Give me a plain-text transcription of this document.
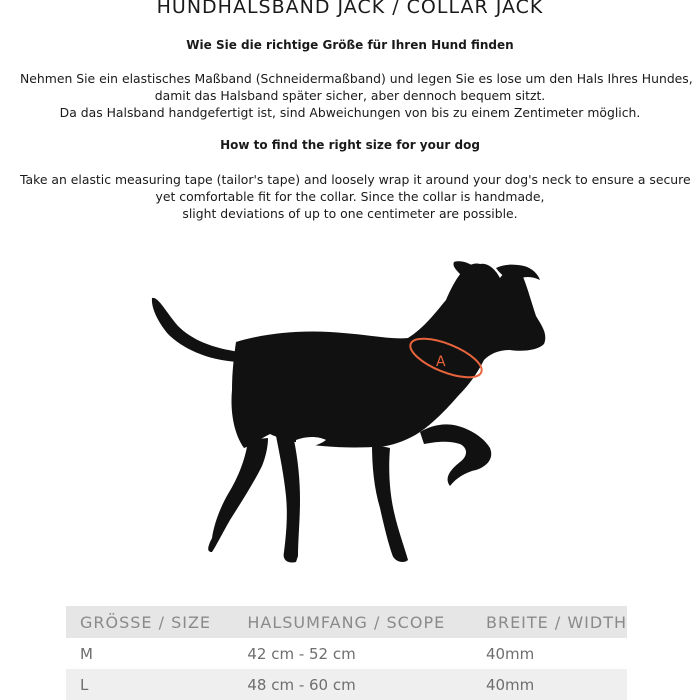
HUNDHALSBAND JACK / COLLAR JACK
Wie Sie die richtige Größe für Ihren Hund finden

Nehmen Sie ein elastisches Maßband (Schneidermaßband) und legen Sie es lose um den Hals Ihres Hundes,
damit das Halsband später sicher, aber dennoch bequem sitzt.
Da das Halsband handgefertigt ist, sind Abweichungen von bis zu einem Zentimeter möglich.

How to find the right size for your dog

Take an elastic measuring tape (tailor's tape) and loosely wrap it around your dog's neck to ensure a secure
yet comfortable fit for the collar. Since the collar is handmade,
slight deviations of up to one centimeter are possible.

A
GRÖSSE / SIZE	HALSUMFANG / SCOPE	BREITE / WIDTH
M	42 cm - 52 cm	40mm
L	48 cm - 60 cm	40mm
